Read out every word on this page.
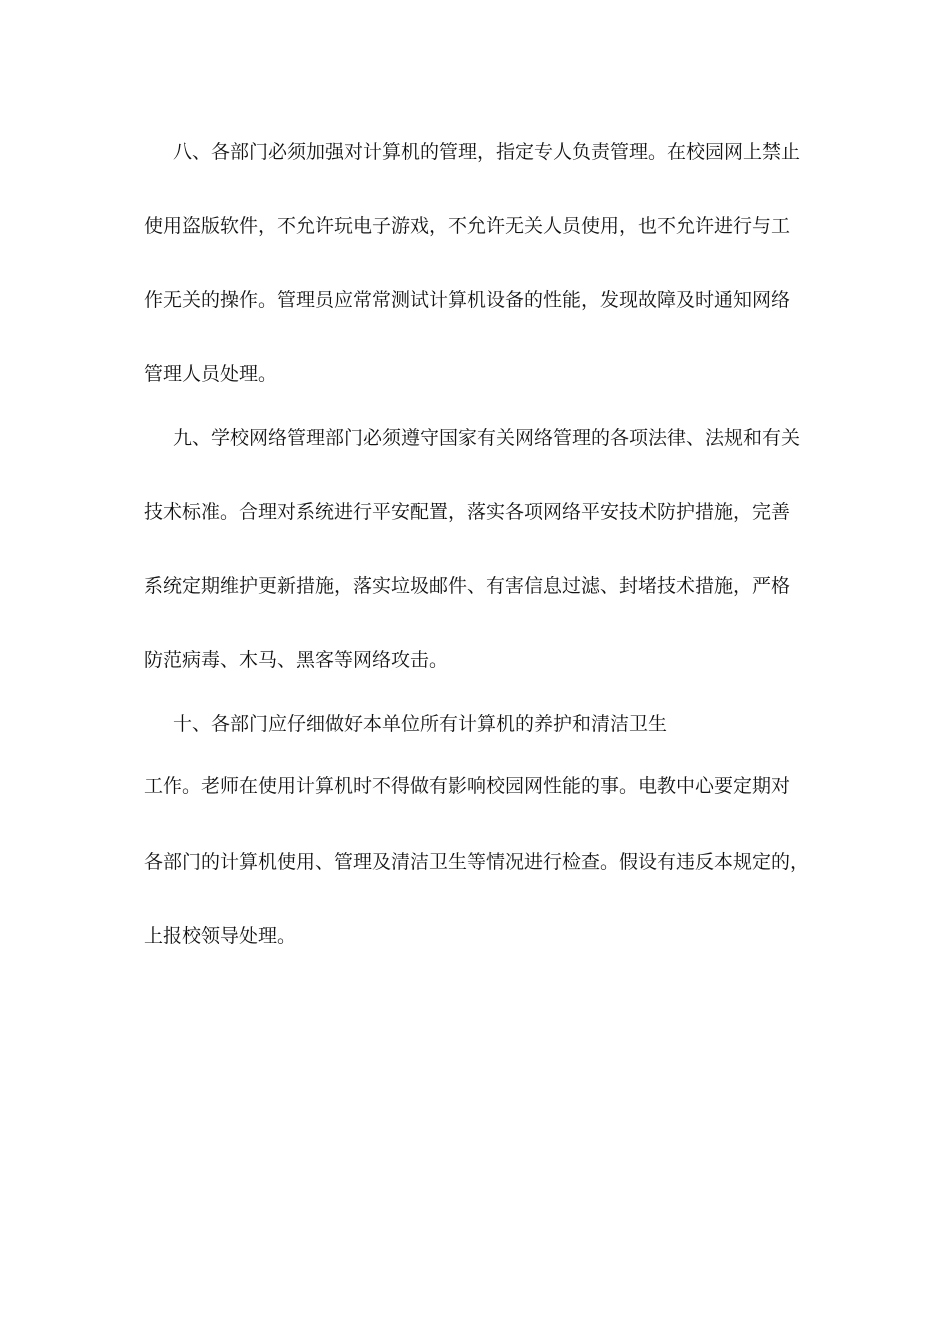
八、各部门必须加强对计算机的管理，指定专人负责管理。在校园网上禁止
使用盗版软件，不允许玩电子游戏，不允许无关人员使用，也不允许进行与工
作无关的操作。管理员应常常测试计算机设备的性能，发现故障及时通知网络
管理人员处理。
九、学校网络管理部门必须遵守国家有关网络管理的各项法律、法规和有关
技术标准。合理对系统进行平安配置，落实各项网络平安技术防护措施，完善
系统定期维护更新措施，落实垃圾邮件、有害信息过滤、封堵技术措施，严格
防范病毒、木马、黑客等网络攻击。
十、各部门应仔细做好本单位所有计算机的养护和清洁卫生
工作。老师在使用计算机时不得做有影响校园网性能的事。电教中心要定期对
各部门的计算机使用、管理及清洁卫生等情况进行检查。假设有违反本规定的，
上报校领导处理。
